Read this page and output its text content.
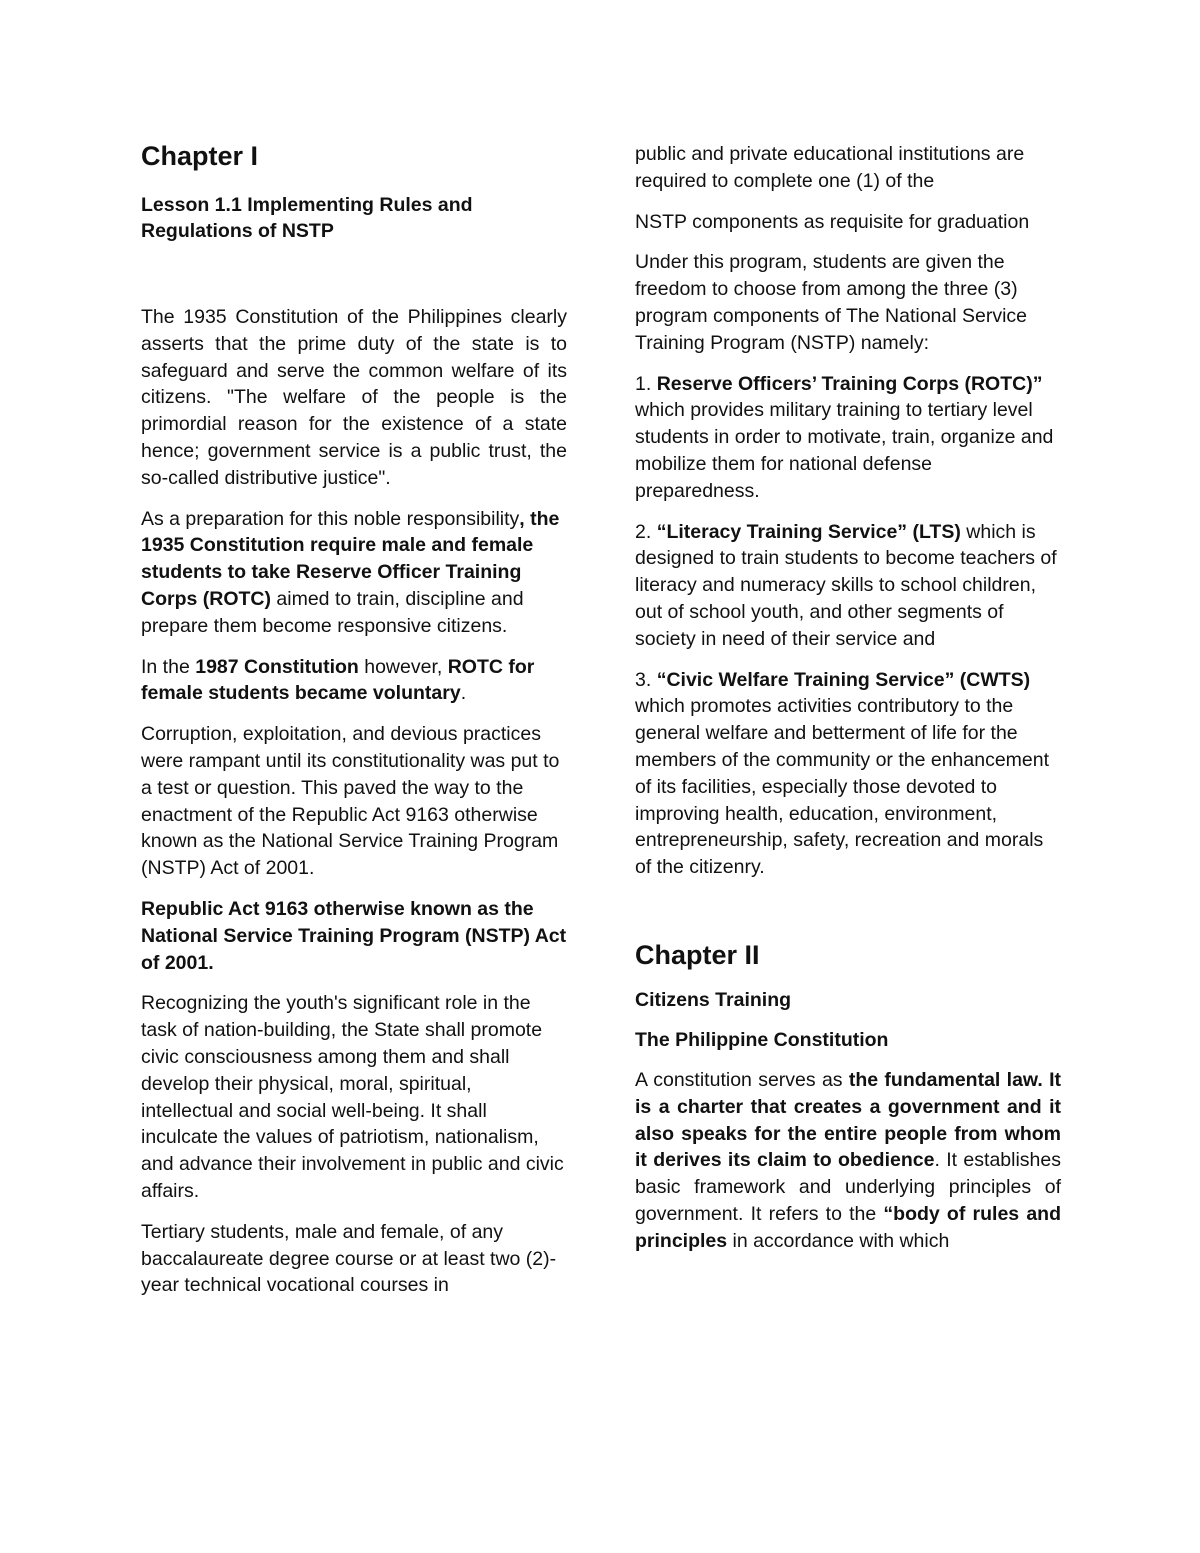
Chapter I
Lesson 1.1 Implementing Rules and
Regulations of NSTP

The 1935 Constitution of the Philippines clearly asserts that the prime duty of the state is to safeguard and serve the common welfare of its citizens. "The welfare of the people is the primordial reason for the existence of a state hence; government service is a public trust, the so-called distributive justice".

As a preparation for this noble responsibility, the 1935 Constitution require male and female students to take Reserve Officer Training Corps (ROTC) aimed to train, discipline and prepare them become responsive citizens.

In the 1987 Constitution however, ROTC for female students became voluntary.

Corruption, exploitation, and devious practices were rampant until its constitutionality was put to a test or question. This paved the way to the enactment of the Republic Act 9163 otherwise known as the National Service Training Program (NSTP) Act of 2001.

Republic Act 9163 otherwise known as the National Service Training Program (NSTP) Act of 2001.

Recognizing the youth's significant role in the task of nation-building, the State shall promote civic consciousness among them and shall develop their physical, moral, spiritual, intellectual and social well-being. It shall inculcate the values of patriotism, nationalism, and advance their involvement in public and civic affairs.

Tertiary students, male and female, of any baccalaureate degree course or at least two (2)-year technical vocational courses in

public and private educational institutions are required to complete one (1) of the

NSTP components as requisite for graduation

Under this program, students are given the freedom to choose from among the three (3) program components of The National Service Training Program (NSTP) namely:

1. Reserve Officers’ Training Corps (ROTC)” which provides military training to tertiary level students in order to motivate, train, organize and mobilize them for national defense preparedness.

2. “Literacy Training Service” (LTS) which is designed to train students to become teachers of literacy and numeracy skills to school children, out of school youth, and other segments of society in need of their service and

3. “Civic Welfare Training Service” (CWTS) which promotes activities contributory to the general welfare and betterment of life for the members of the community or the enhancement of its facilities, especially those devoted to improving health, education, environment, entrepreneurship, safety, recreation and morals of the citizenry.

Chapter II
Citizens Training
The Philippine Constitution

A constitution serves as the fundamental law. It is a charter that creates a government and it also speaks for the entire people from whom it derives its claim to obedience. It establishes basic framework and underlying principles of government. It refers to the “body of rules and principles in accordance with which
